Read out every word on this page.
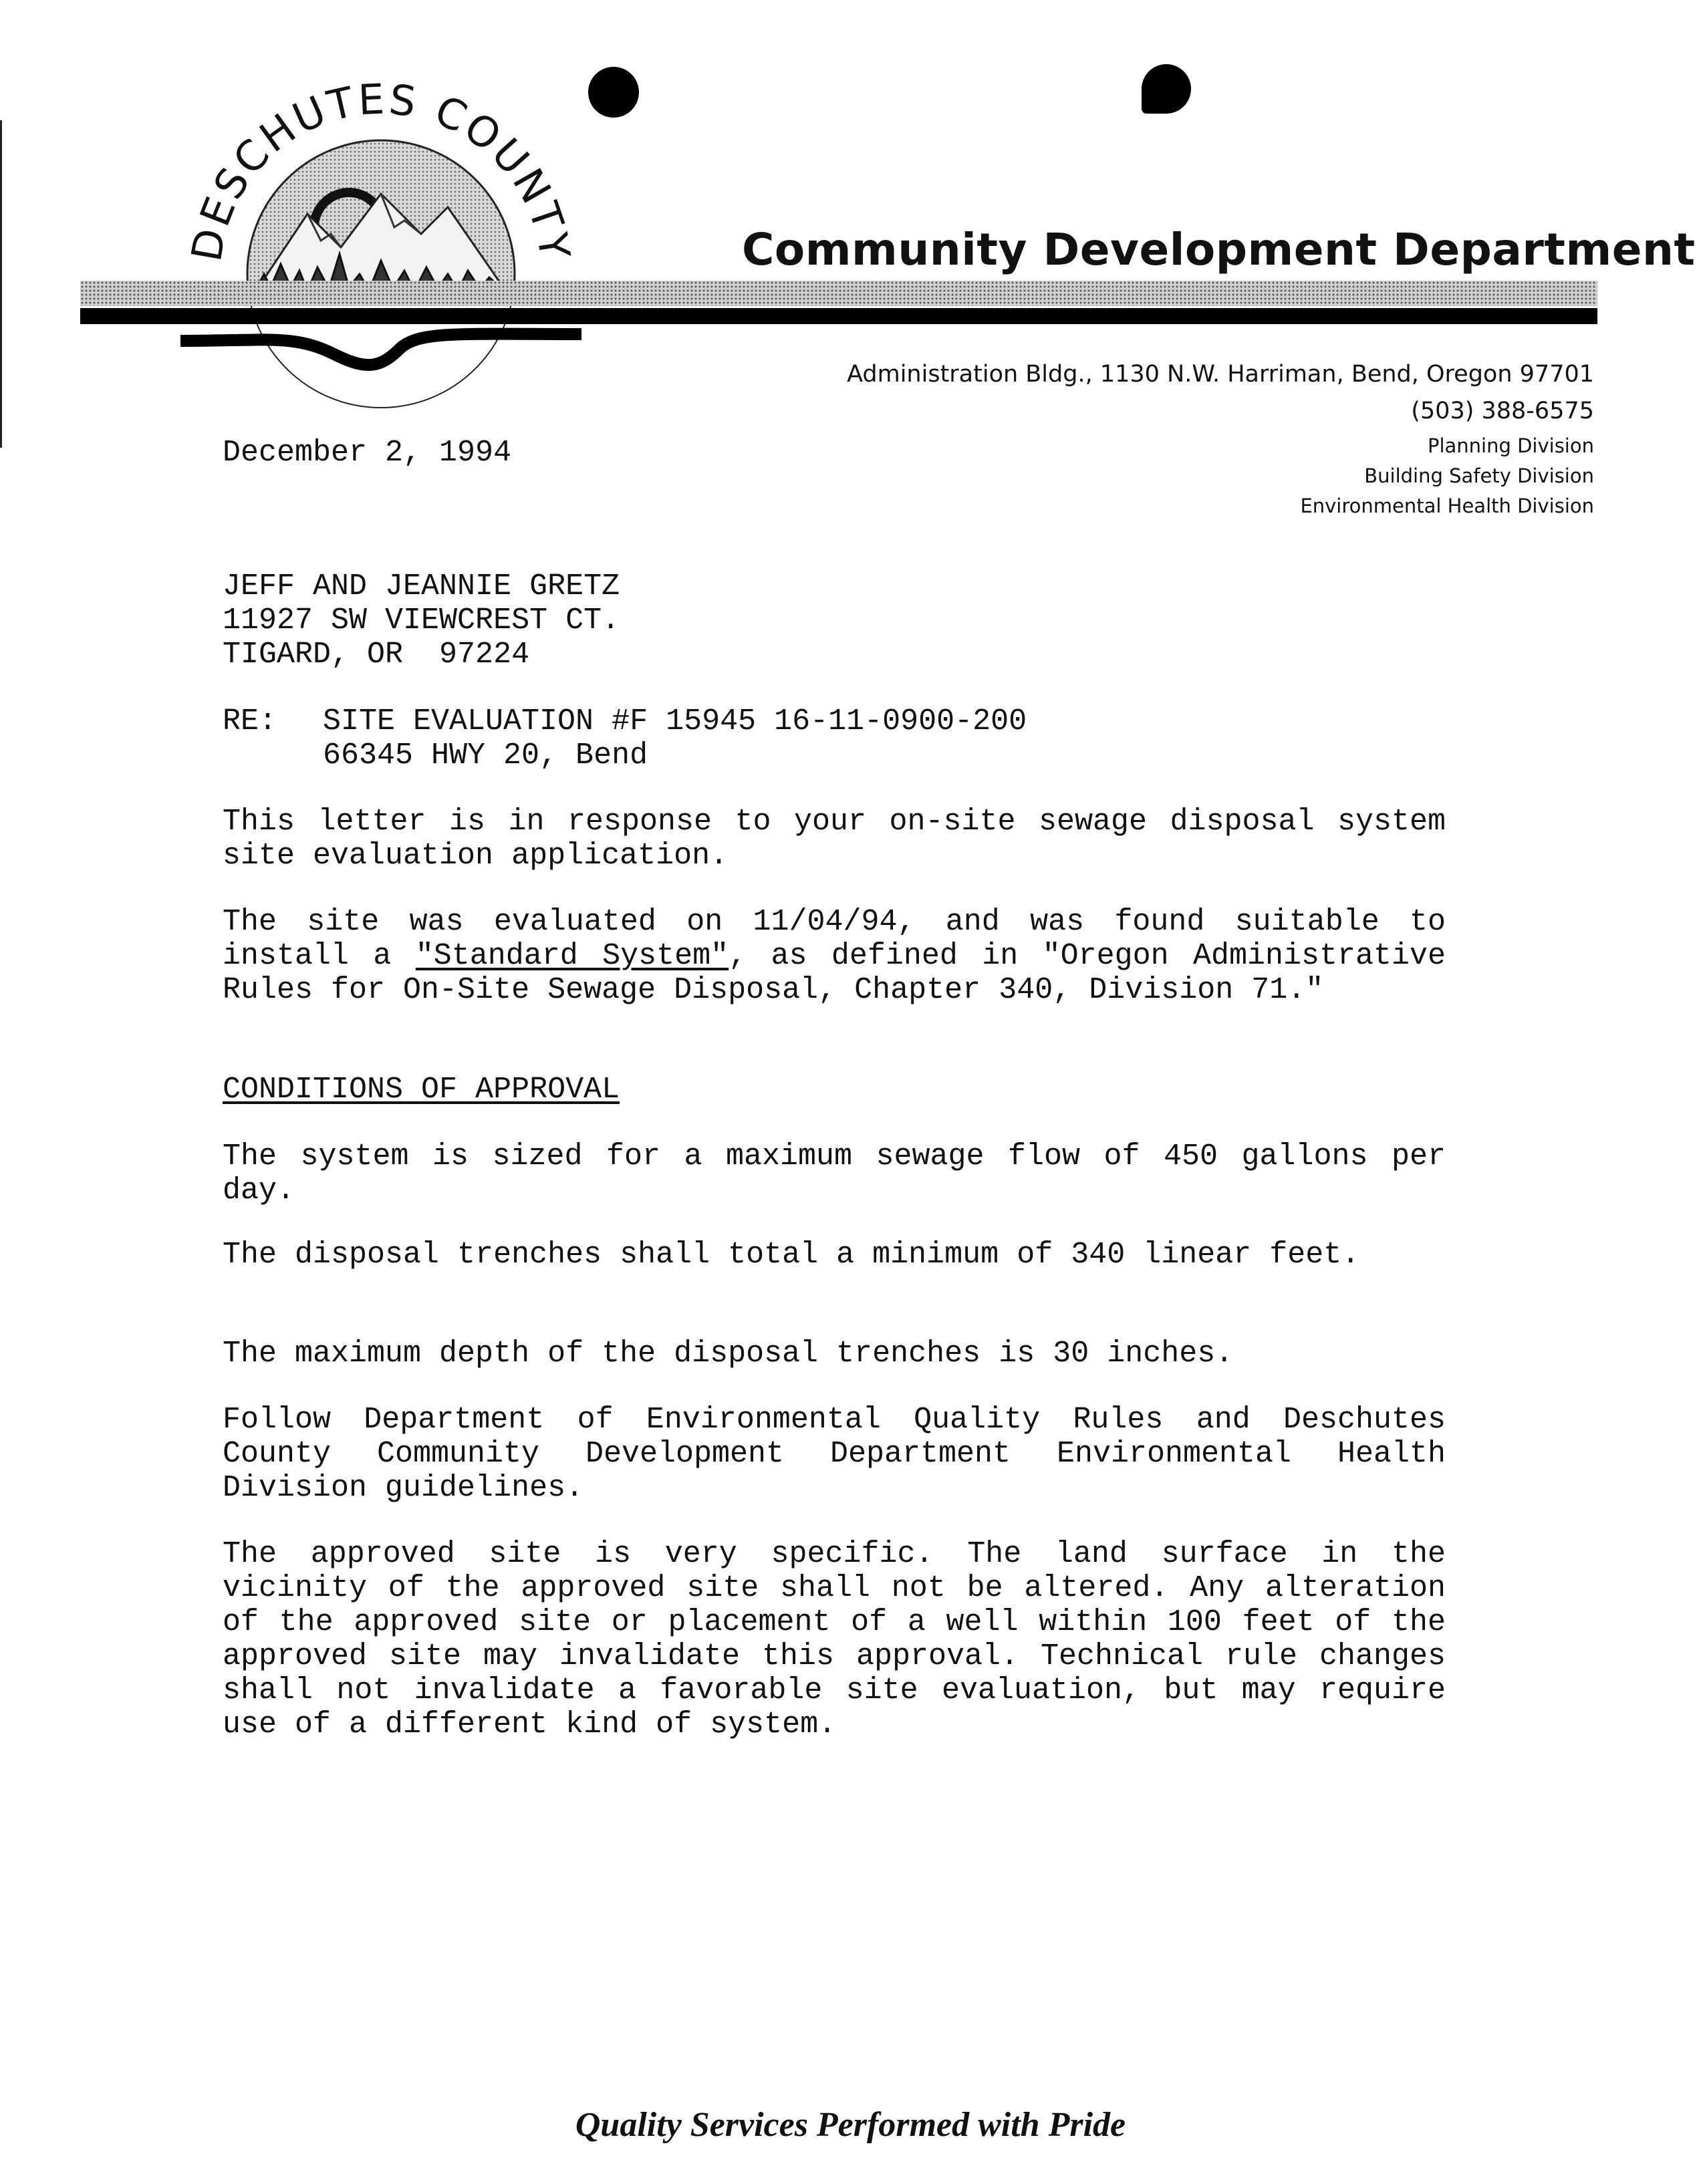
DESCHUTES COUNTY	Community Development Department
Administration Bldg., 1130 N.W. Harriman, Bend, Oregon 97701
(503) 388-6575
Planning Division
Building Safety Division
Environmental Health Division
December 2, 1994
JEFF AND JEANNIE GRETZ
11927 SW VIEWCREST CT.
TIGARD, OR  97224
RE:	SITE EVALUATION #F 15945 16-11-0900-200
66345 HWY 20, Bend
This letter is in response to your on-site sewage disposal system site evaluation application.
The site was evaluated on 11/04/94, and was found suitable to install a "Standard System", as defined in "Oregon Administrative Rules for On-Site Sewage Disposal, Chapter 340, Division 71."
CONDITIONS OF APPROVAL
The system is sized for a maximum sewage flow of 450 gallons per day.
The disposal trenches shall total a minimum of 340 linear feet.
The maximum depth of the disposal trenches is 30 inches.
Follow Department of Environmental Quality Rules and Deschutes County Community Development Department Environmental Health Division guidelines.
The approved site is very specific. The land surface in the vicinity of the approved site shall not be altered. Any alteration of the approved site or placement of a well within 100 feet of the approved site may invalidate this approval. Technical rule changes shall not invalidate a favorable site evaluation, but may require use of a different kind of system.
Quality Services Performed with Pride
